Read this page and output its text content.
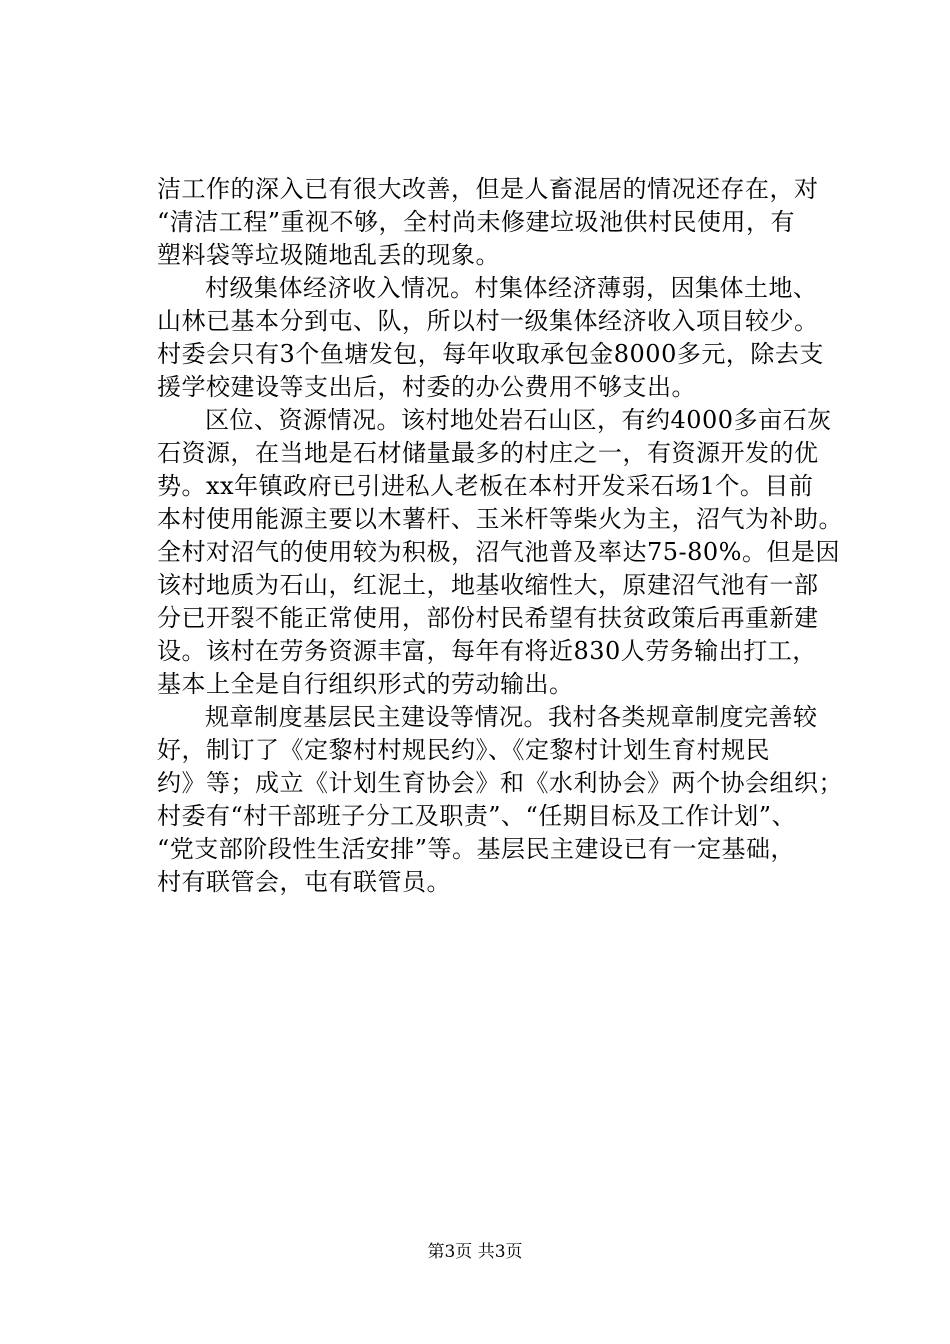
洁工作的深入已有很大改善，但是人畜混居的情况还存在，对
“清洁工程”重视不够，全村尚未修建垃圾池供村民使用，有
塑料袋等垃圾随地乱丢的现象。
村级集体经济收入情况。村集体经济薄弱，因集体土地、
山林已基本分到屯、队，所以村一级集体经济收入项目较少。
村委会只有3个鱼塘发包，每年收取承包金8000多元，除去支
援学校建设等支出后，村委的办公费用不够支出。
区位、资源情况。该村地处岩石山区，有约4000多亩石灰
石资源，在当地是石材储量最多的村庄之一，有资源开发的优
势。xx年镇政府已引进私人老板在本村开发采石场1个。目前
本村使用能源主要以木薯杆、玉米杆等柴火为主，沼气为补助。
全村对沼气的使用较为积极，沼气池普及率达75-80%。但是因
该村地质为石山，红泥土，地基收缩性大，原建沼气池有一部
分已开裂不能正常使用，部份村民希望有扶贫政策后再重新建
设。该村在劳务资源丰富，每年有将近830人劳务输出打工，
基本上全是自行组织形式的劳动输出。
规章制度基层民主建设等情况。我村各类规章制度完善较
好，制订了《定黎村村规民约》、《定黎村计划生育村规民
约》等；成立《计划生育协会》和《水利协会》两个协会组织；
村委有“村干部班子分工及职责”、“任期目标及工作计划”、
“党支部阶段性生活安排”等。基层民主建设已有一定基础，
村有联管会，屯有联管员。
第3页 共3页
